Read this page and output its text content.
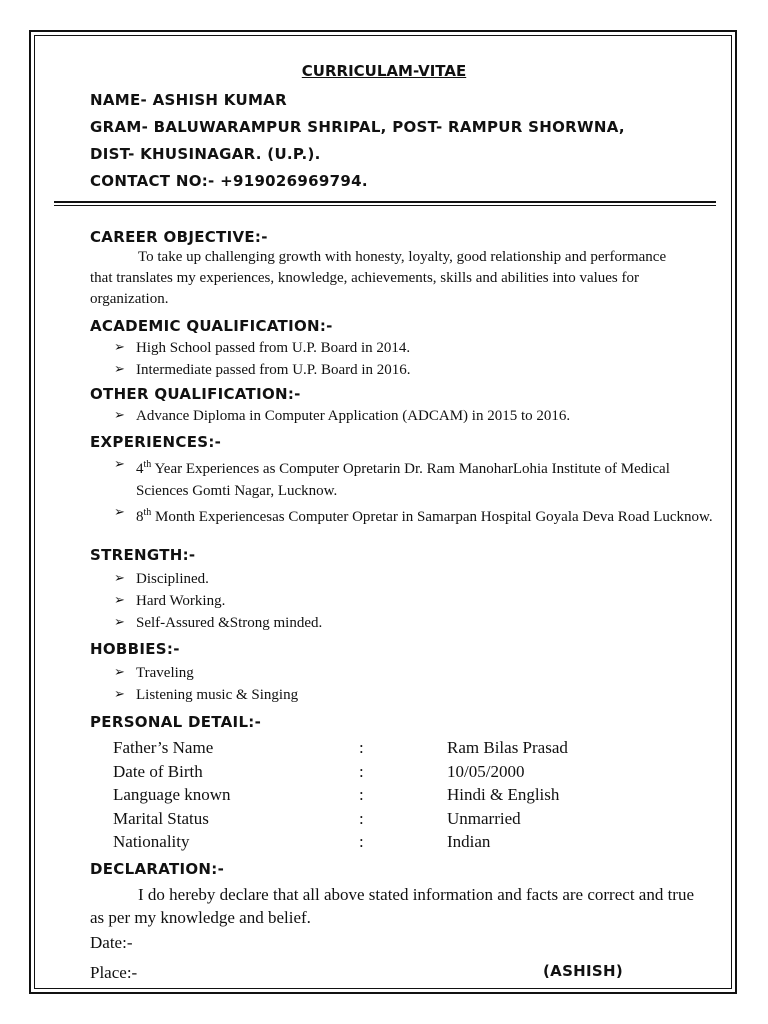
CURRICULAM-VITAE
NAME- ASHISH KUMAR
GRAM- BALUWARAMPUR SHRIPAL, POST- RAMPUR SHORWNA,
DIST- KHUSINAGAR. (U.P.).
CONTACT NO:- +919026969794.
CAREER OBJECTIVE:-
To take up challenging growth with honesty, loyalty, good relationship and performance that translates my experiences, knowledge, achievements, skills and abilities into values for organization.
ACADEMIC QUALIFICATION:-
➢ High School passed from U.P. Board in 2014.
➢ Intermediate passed from U.P. Board in 2016.
OTHER QUALIFICATION:-
➢ Advance Diploma in Computer Application (ADCAM) in 2015 to 2016.
EXPERIENCES:-
➢ 4th Year Experiences as Computer Opretarin Dr. Ram ManoharLohia Institute of Medical Sciences Gomti Nagar, Lucknow.
➢ 8th Month Experiencesas Computer Opretar in Samarpan Hospital Goyala Deva Road Lucknow.
STRENGTH:-
➢ Disciplined.
➢ Hard Working.
➢ Self-Assured &Strong minded.
HOBBIES:-
➢ Traveling
➢ Listening music & Singing
PERSONAL DETAIL:-
Father’s Name	:	Ram Bilas Prasad
Date of Birth	:	10/05/2000
Language known	:	Hindi & English
Marital Status	:	Unmarried
Nationality	:	Indian
DECLARATION:-
I do hereby declare that all above stated information and facts are correct and true as per my knowledge and belief.
Date:-
Place:-	(ASHISH)
